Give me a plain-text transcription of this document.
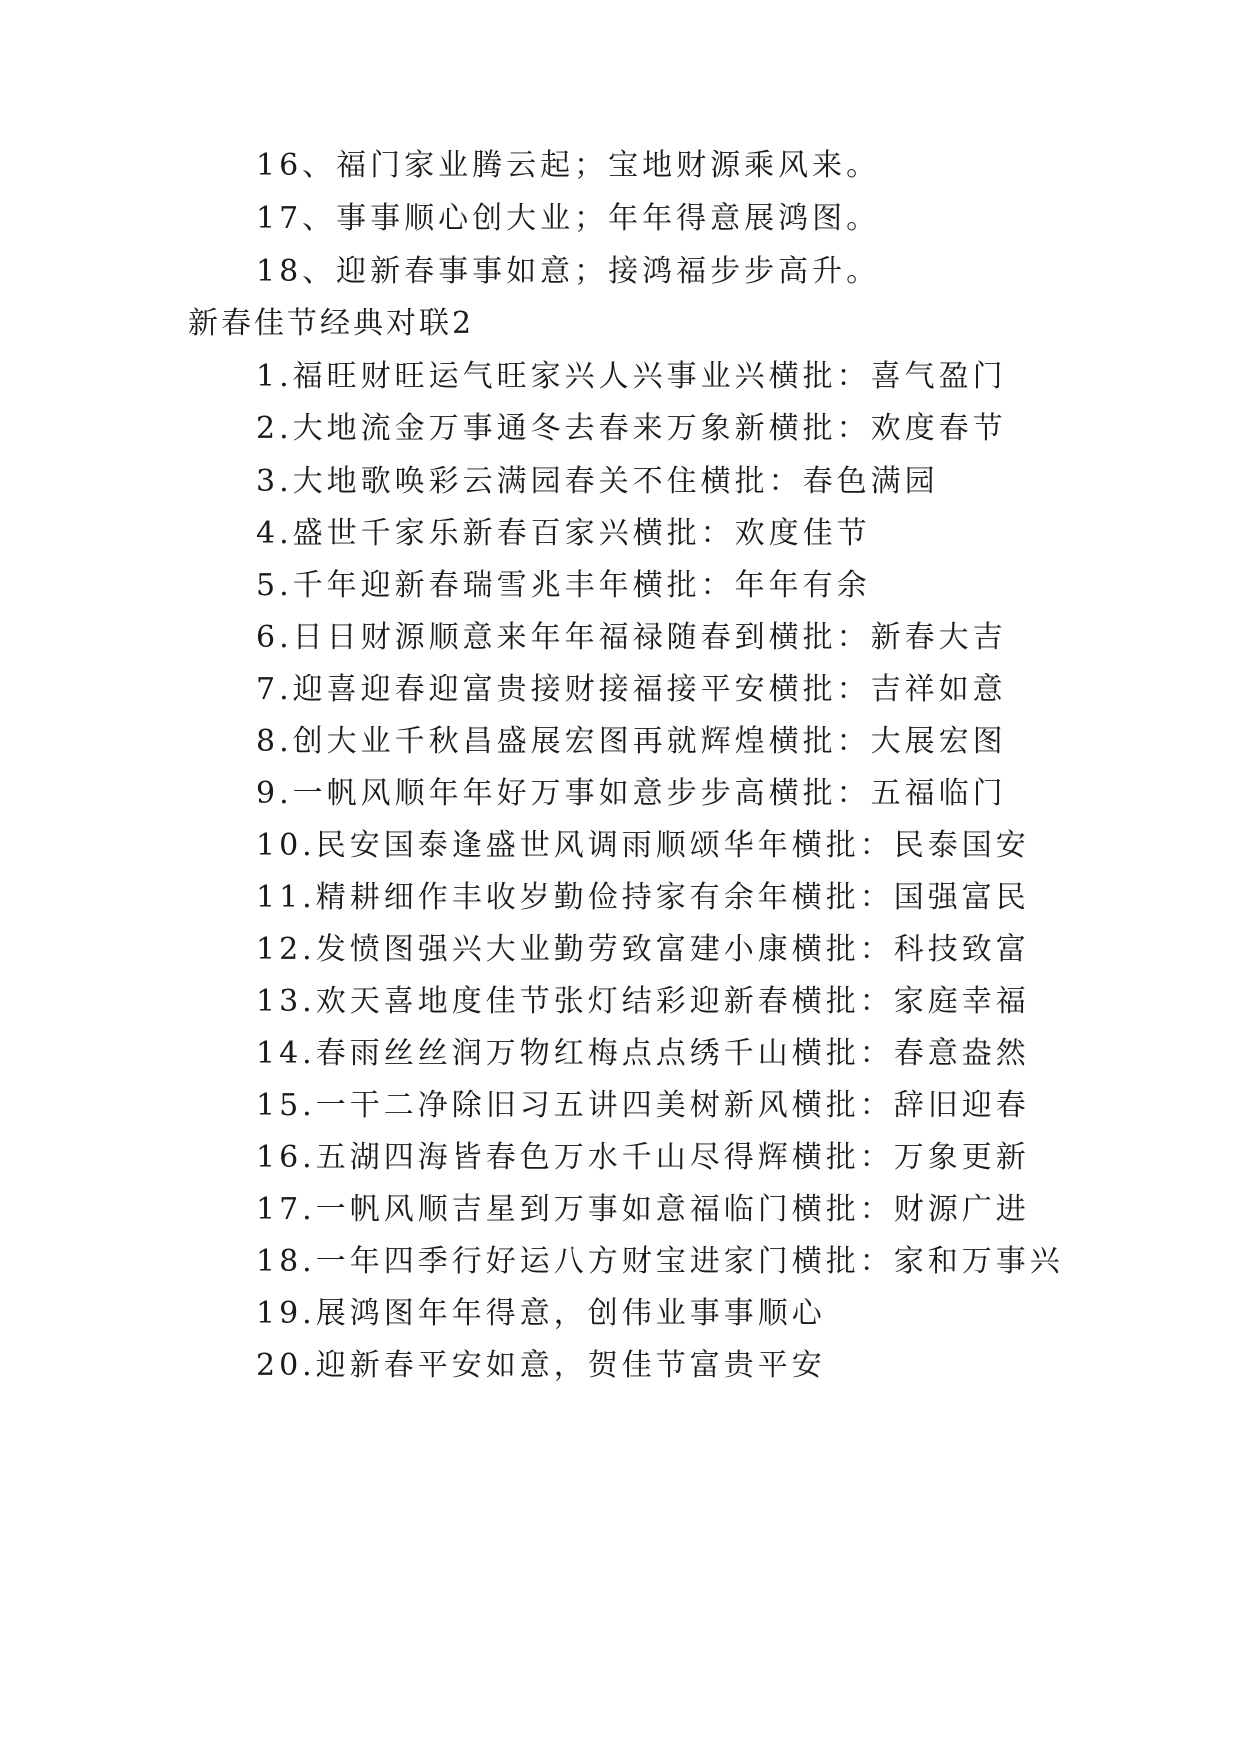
16、福门家业腾云起；宝地财源乘风来。
17、事事顺心创大业；年年得意展鸿图。
18、迎新春事事如意；接鸿福步步高升。
新春佳节经典对联2
1.福旺财旺运气旺家兴人兴事业兴横批：喜气盈门
2.大地流金万事通冬去春来万象新横批：欢度春节
3.大地歌唤彩云满园春关不住横批：春色满园
4.盛世千家乐新春百家兴横批：欢度佳节
5.千年迎新春瑞雪兆丰年横批：年年有余
6.日日财源顺意来年年福禄随春到横批：新春大吉
7.迎喜迎春迎富贵接财接福接平安横批：吉祥如意
8.创大业千秋昌盛展宏图再就辉煌横批：大展宏图
9.一帆风顺年年好万事如意步步高横批：五福临门
10.民安国泰逢盛世风调雨顺颂华年横批：民泰国安
11.精耕细作丰收岁勤俭持家有余年横批：国强富民
12.发愤图强兴大业勤劳致富建小康横批：科技致富
13.欢天喜地度佳节张灯结彩迎新春横批：家庭幸福
14.春雨丝丝润万物红梅点点绣千山横批：春意盎然
15.一干二净除旧习五讲四美树新风横批：辞旧迎春
16.五湖四海皆春色万水千山尽得辉横批：万象更新
17.一帆风顺吉星到万事如意福临门横批：财源广进
18.一年四季行好运八方财宝进家门横批：家和万事兴
19.展鸿图年年得意，创伟业事事顺心
20.迎新春平安如意，贺佳节富贵平安
